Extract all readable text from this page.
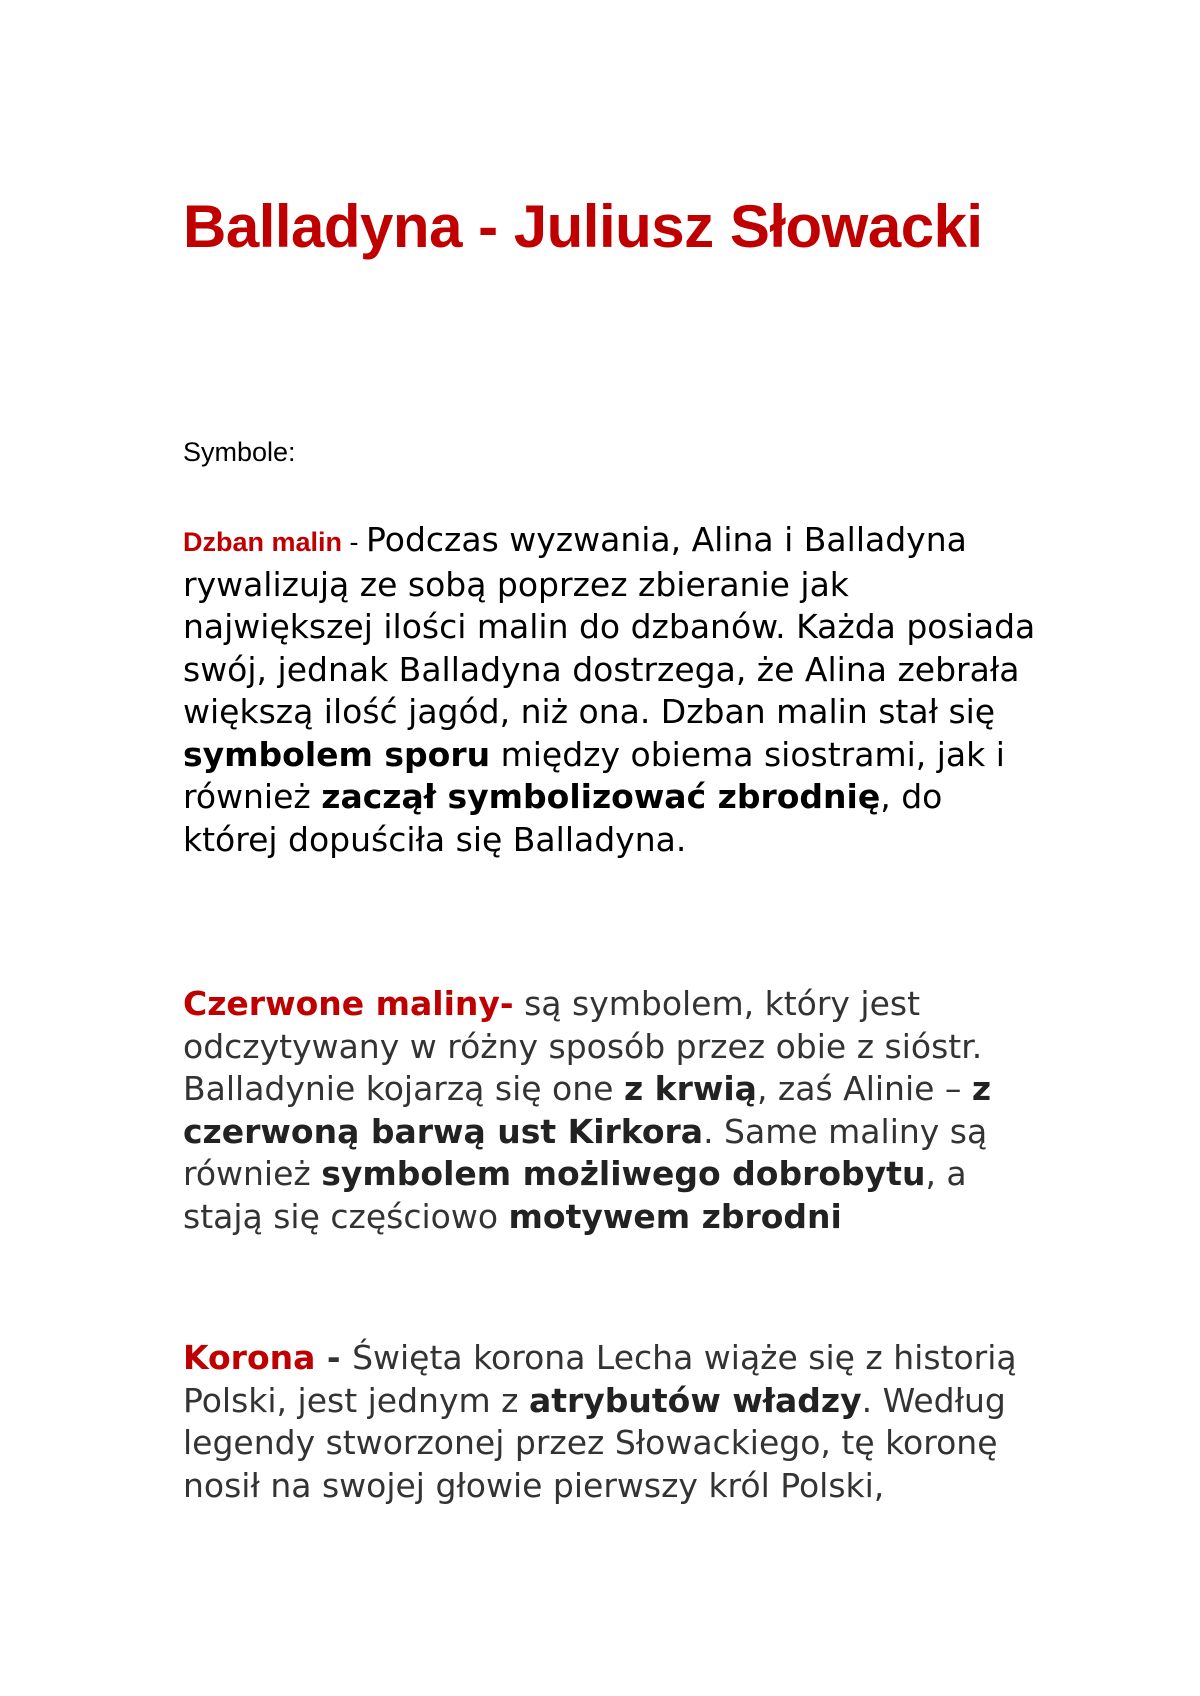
Balladyna - Juliusz Słowacki

Symbole:

Dzban malin - Podczas wyzwania, Alina i Balladyna rywalizują ze sobą poprzez zbieranie jak największej ilości malin do dzbanów. Każda posiada swój, jednak Balladyna dostrzega, że Alina zebrała większą ilość jagód, niż ona. Dzban malin stał się symbolem sporu między obiema siostrami, jak i również zaczął symbolizować zbrodnię, do której dopuściła się Balladyna.

Czerwone maliny- są symbolem, który jest odczytywany w różny sposób przez obie z sióstr. Balladynie kojarzą się one z krwią, zaś Alinie – z czerwoną barwą ust Kirkora. Same maliny są również symbolem możliwego dobrobytu, a stają się częściowo motywem zbrodni

Korona - Święta korona Lecha wiąże się z historią Polski, jest jednym z atrybutów władzy. Według legendy stworzonej przez Słowackiego, tę koronę nosił na swojej głowie pierwszy król Polski,
